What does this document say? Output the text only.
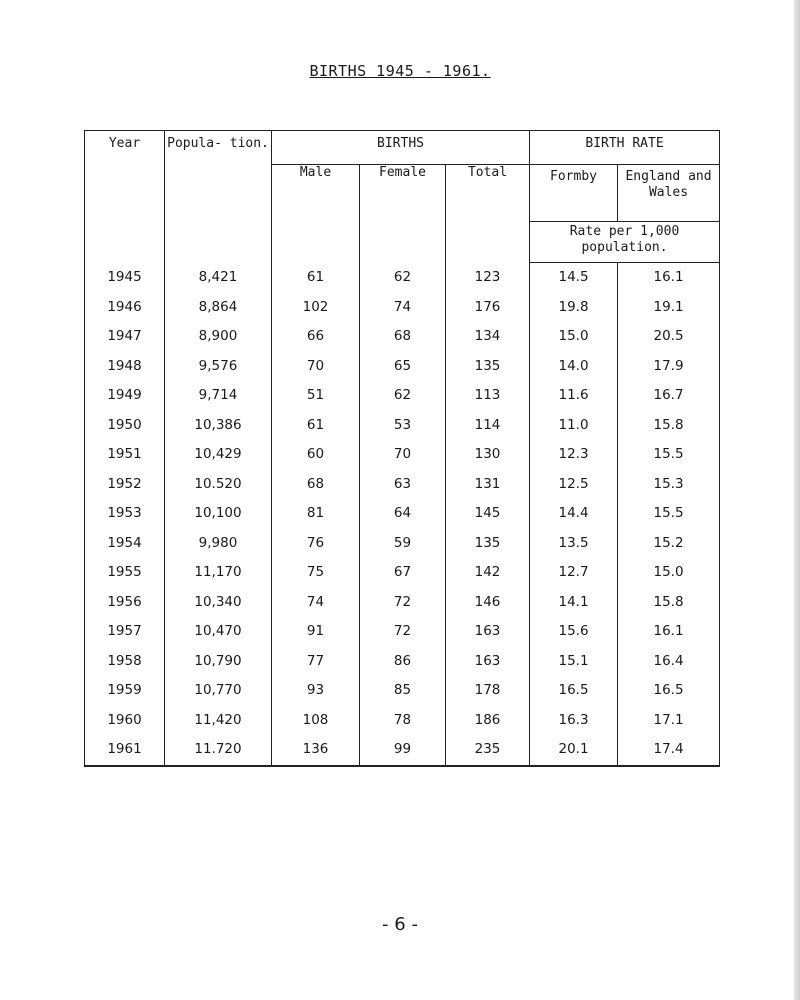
BIRTHS 1945 - 1961.
Year	Popula- tion.	BIRTHS			BIRTH RATE	
		Male	Female	Total	Formby	England and Wales
					Rate per 1,000 population.	
1945	8,421	61	62	123	14.5	16.1
1946	8,864	102	74	176	19.8	19.1
1947	8,900	66	68	134	15.0	20.5
1948	9,576	70	65	135	14.0	17.9
1949	9,714	51	62	113	11.6	16.7
1950	10,386	61	53	114	11.0	15.8
1951	10,429	60	70	130	12.3	15.5
1952	10.520	68	63	131	12.5	15.3
1953	10,100	81	64	145	14.4	15.5
1954	9,980	76	59	135	13.5	15.2
1955	11,170	75	67	142	12.7	15.0
1956	10,340	74	72	146	14.1	15.8
1957	10,470	91	72	163	15.6	16.1
1958	10,790	77	86	163	15.1	16.4
1959	10,770	93	85	178	16.5	16.5
1960	11,420	108	78	186	16.3	17.1
1961	11.720	136	99	235	20.1	17.4
- 6 -
